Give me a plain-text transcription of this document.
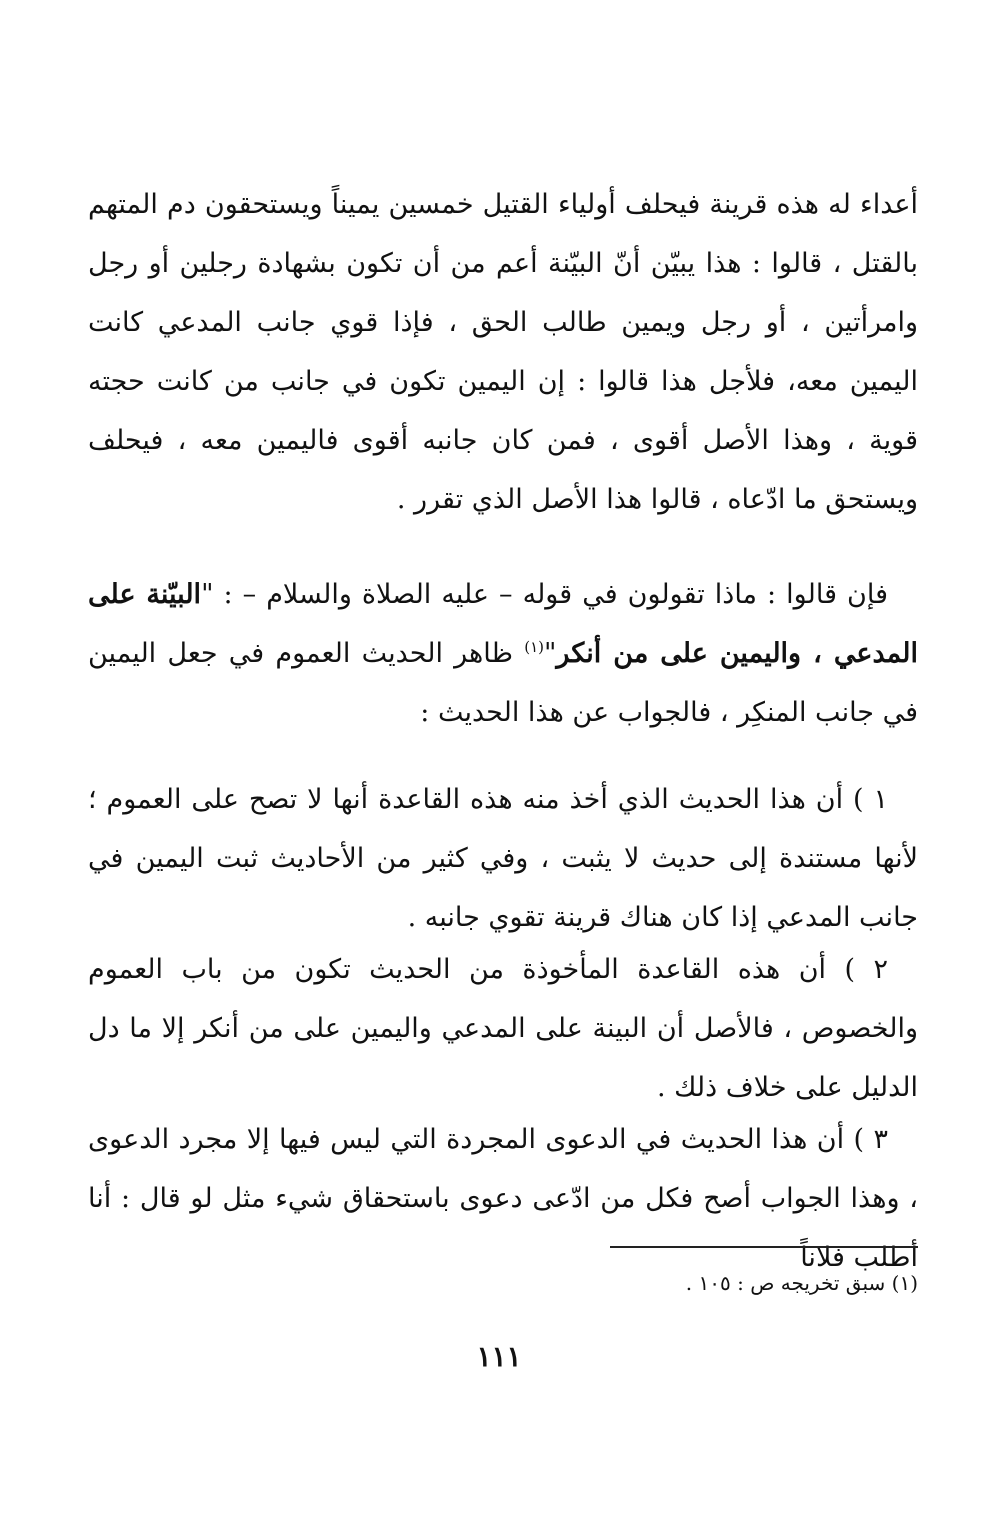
أعداء له هذه قرينة فيحلف أولياء القتيل خمسين يميناً ويستحقون دم المتهم بالقتل ، قالوا : هذا يبيّن أنّ البيّنة أعم من أن تكون بشهادة رجلين أو رجل وامرأتين ، أو رجل ويمين طالب الحق ، فإذا قوي جانب المدعي كانت اليمين معه، فلأجل هذا قالوا : إن اليمين تكون في جانب من كانت حجته قوية ، وهذا الأصل أقوى ، فمن كان جانبه أقوى فاليمين معه ، فيحلف ويستحق ما ادّعاه ، قالوا هذا الأصل الذي تقرر .

فإن قالوا : ماذا تقولون في قوله – عليه الصلاة والسلام – : "البيّنة على المدعي ، واليمين على من أنكر"$^{(١)}$ ظاهر الحديث العموم في جعل اليمين في جانب المنكِر ، فالجواب عن هذا الحديث :

١ ) أن هذا الحديث الذي أخذ منه هذه القاعدة أنها لا تصح على العموم ؛ لأنها مستندة إلى حديث لا يثبت ، وفي كثير من الأحاديث ثبت اليمين في جانب المدعي إذا كان هناك قرينة تقوي جانبه .

٢ ) أن هذه القاعدة المأخوذة من الحديث تكون من باب العموم والخصوص ، فالأصل أن البينة على المدعي واليمين على من أنكر إلا ما دل الدليل على خلاف ذلك .

٣ ) أن هذا الحديث في الدعوى المجردة التي ليس فيها إلا مجرد الدعوى ، وهذا الجواب أصح فكل من ادّعى دعوى باستحقاق شيء مثل لو قال : أنا أطلب فلاناً

(١) سبق تخريجه ص : ١٠٥ .
١١١
